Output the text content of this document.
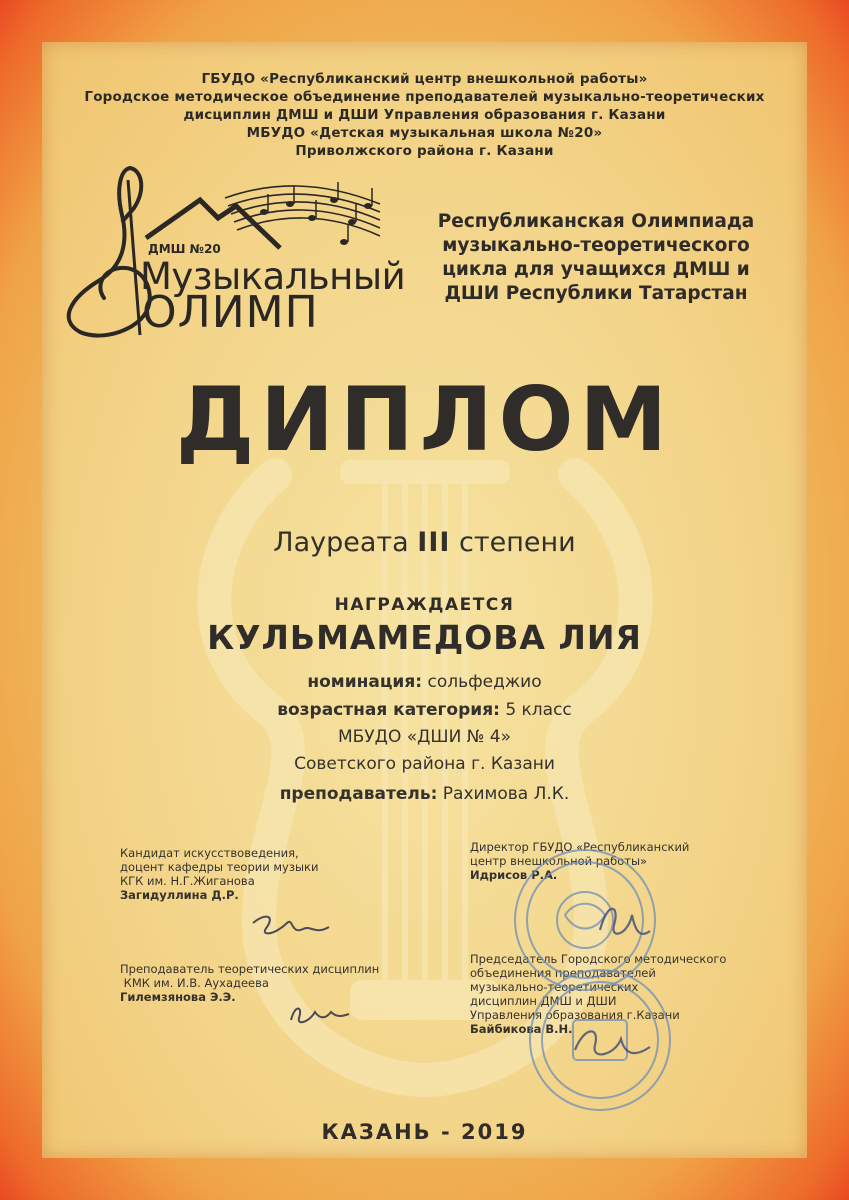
ГБУДО «Республиканский центр внешкольной работы»
Городское методическое объединение преподавателей музыкально-теоретических
дисциплин ДМШ и ДШИ Управления образования г. Казани
МБУДО «Детская музыкальная школа №20»
Приволжского района г. Казани
ДМШ №20
Музыкальный
ОЛИМП
Республиканская Олимпиада
музыкально-теоретического
цикла для учащихся ДМШ и
ДШИ Республики Татарстан
ДИПЛОМ
Лауреата III степени
НАГРАЖДАЕТСЯ
КУЛЬМАМЕДОВА ЛИЯ
номинация: сольфеджио
возрастная категория: 5 класс
МБУДО «ДШИ № 4»
Советского района г. Казани
преподаватель: Рахимова Л.К.
Кандидат искусствоведения,
доцент кафедры теории музыки
КГК им. Н.Г.Жиганова
Загидуллина Д.Р.
Преподаватель теоретических дисциплин
КМК им. И.В. Аухадеева
Гилемзянова Э.Э.
Директор ГБУДО «Республиканский
центр внешкольной работы»
Идрисов Р.А.
Председатель Городского методического
объединения преподавателей
музыкально-теоретических
дисциплин ДМШ и ДШИ
Управления образования г.Казани
Байбикова В.Н.
КАЗАНЬ - 2019
